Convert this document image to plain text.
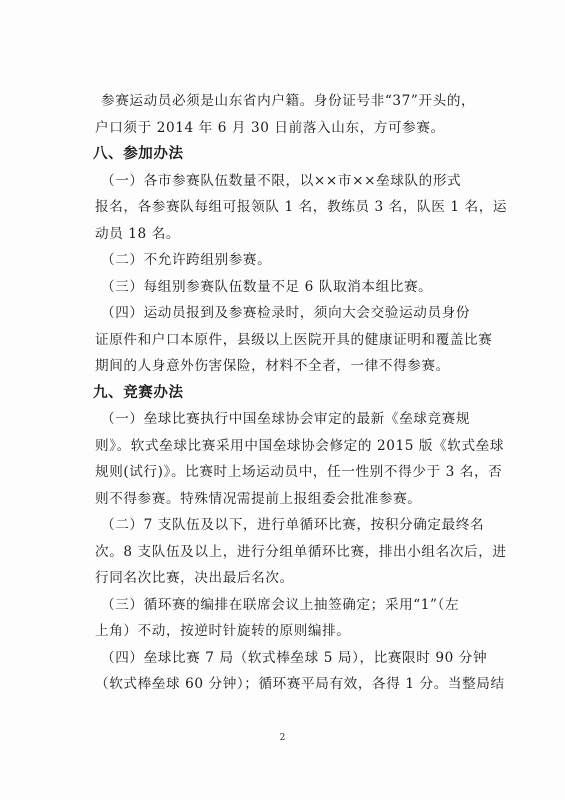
参赛运动员必须是山东省内户籍。身份证号非“37”开头的，
户口须于 2014 年 6 月 30 日前落入山东，方可参赛。
八、参加办法
（一）各市参赛队伍数量不限，以××市××垒球队的形式
报名，各参赛队每组可报领队 1 名，教练员 3 名，队医 1 名，运
动员 18 名。
（二）不允许跨组别参赛。
（三）每组别参赛队伍数量不足 6 队取消本组比赛。
（四）运动员报到及参赛检录时，须向大会交验运动员身份
证原件和户口本原件，县级以上医院开具的健康证明和覆盖比赛
期间的人身意外伤害保险，材料不全者，一律不得参赛。
九、竞赛办法
（一）垒球比赛执行中国垒球协会审定的最新《垒球竞赛规
则》。软式垒球比赛采用中国垒球协会修定的 2015 版《软式垒球
规则(试行)》。比赛时上场运动员中，任一性别不得少于 3 名，否
则不得参赛。特殊情况需提前上报组委会批准参赛。
（二）7 支队伍及以下，进行单循环比赛，按积分确定最终名
次。8 支队伍及以上，进行分组单循环比赛，排出小组名次后，进
行同名次比赛，决出最后名次。
（三）循环赛的编排在联席会议上抽签确定；采用“1”（左
上角）不动，按逆时针旋转的原则编排。
（四）垒球比赛 7 局（软式棒垒球 5 局），比赛限时 90 分钟
（软式棒垒球 60 分钟）；循环赛平局有效，各得 1 分。当整局结
2
